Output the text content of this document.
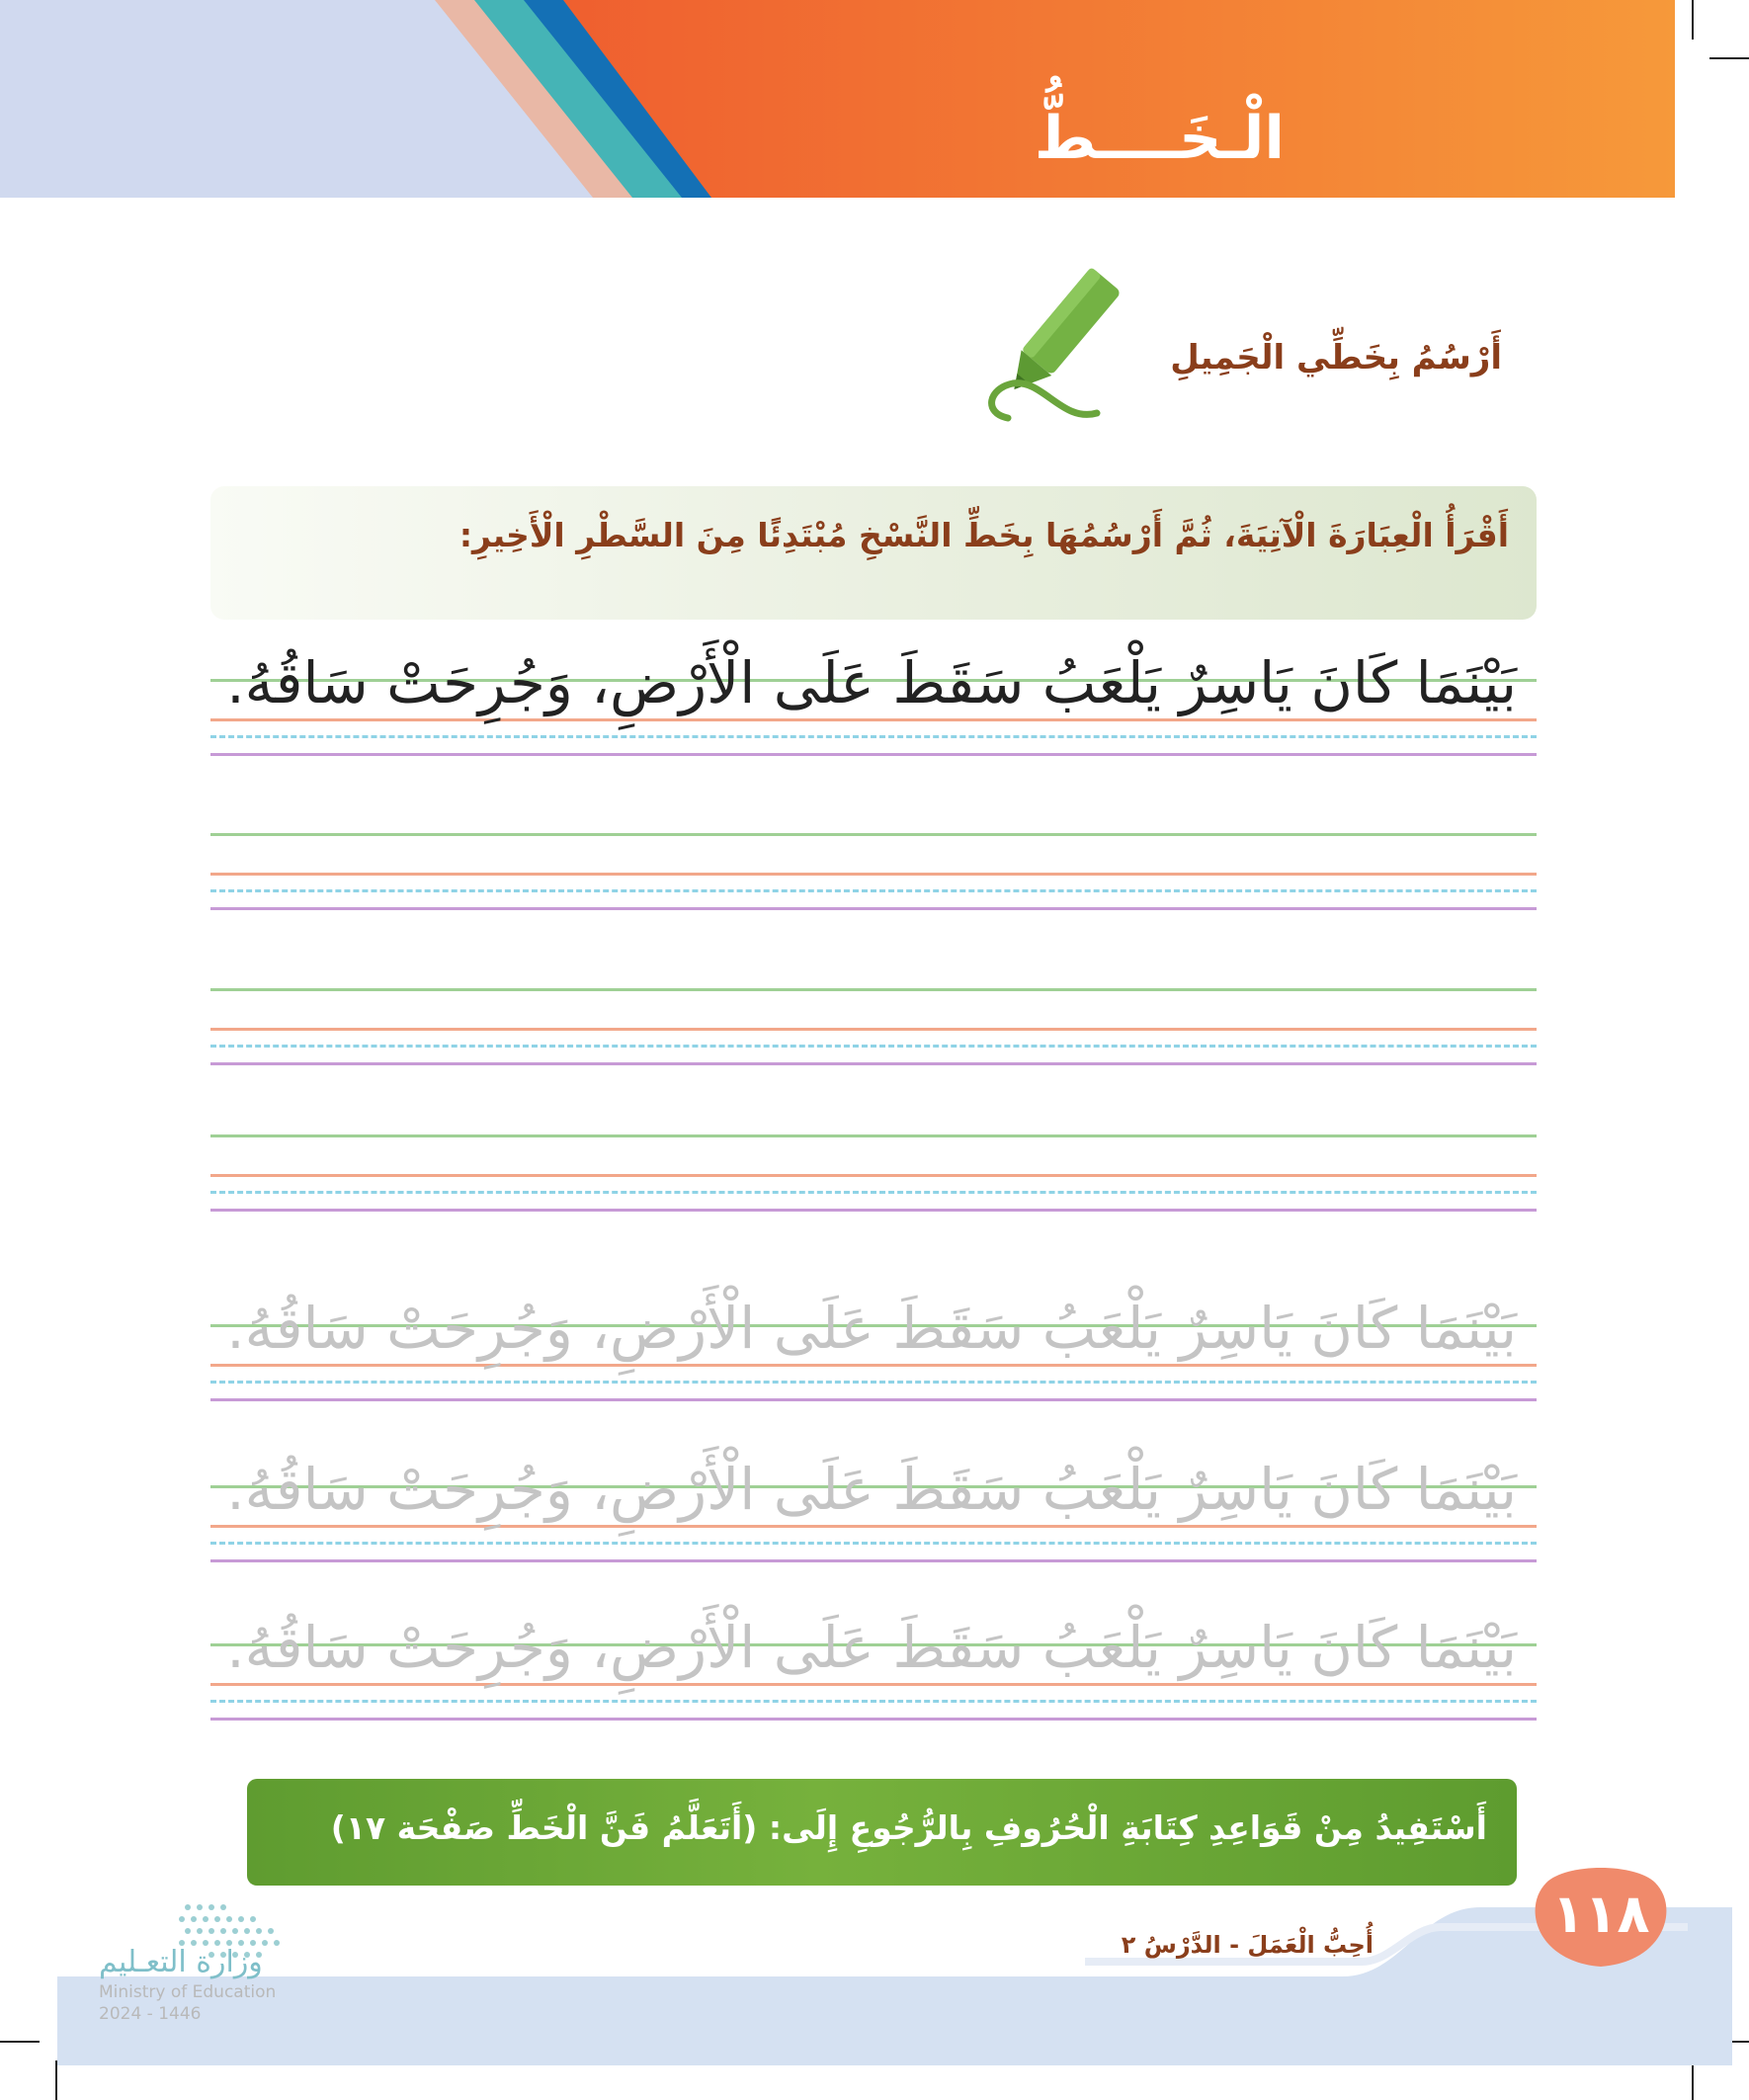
الْـخَــــطُّ
أَرْسُمُ بِخَطِّي الْجَمِيلِ
أَقْرَأُ الْعِبَارَةَ الْآتِيَةَ، ثُمَّ أَرْسُمُهَا بِخَطِّ النَّسْخِ مُبْتَدِئًا مِنَ السَّطْرِ الْأَخِيرِ:
بَيْنَمَا كَانَ يَاسِرٌ يَلْعَبُ سَقَطَ عَلَى الْأَرْضِ، وَجُرِحَتْ سَاقُهُ.
بَيْنَمَا كَانَ يَاسِرٌ يَلْعَبُ سَقَطَ عَلَى الْأَرْضِ، وَجُرِحَتْ سَاقُهُ.
بَيْنَمَا كَانَ يَاسِرٌ يَلْعَبُ سَقَطَ عَلَى الْأَرْضِ، وَجُرِحَتْ سَاقُهُ.
بَيْنَمَا كَانَ يَاسِرٌ يَلْعَبُ سَقَطَ عَلَى الْأَرْضِ، وَجُرِحَتْ سَاقُهُ.
أَسْتَفِيدُ مِنْ قَوَاعِدِ كِتَابَةِ الْحُرُوفِ بِالرُّجُوعِ إِلَى: (أَتَعَلَّمُ فَنَّ الْخَطِّ صَفْحَة ١٧)
أُحِبُّ الْعَمَلَ - الدَّرْسُ ٢	١١٨
وزارة التعـليم
Ministry of Education
2024 - 1446
